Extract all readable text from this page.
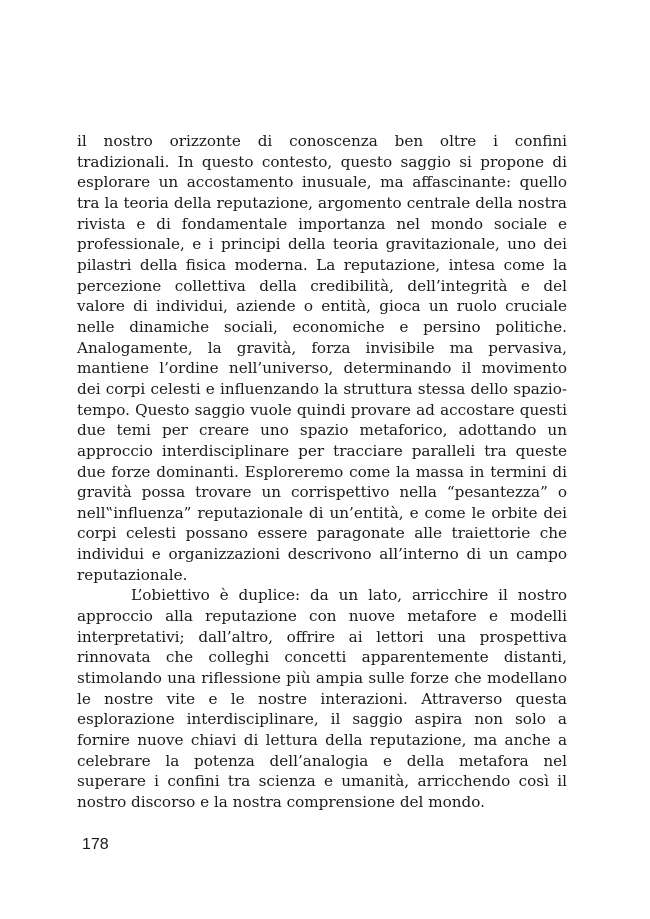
il nostro orizzonte di conoscenza ben oltre i confini tradizionali. In questo contesto, questo saggio si propone di esplorare un accostamento inusuale, ma affascinante: quello tra la teoria della reputazione, argomento centrale della nostra rivista e di fondamentale importanza nel mondo sociale e professionale, e i principi della teoria gravitazionale, uno dei pilastri della fisica moderna. La reputazione, intesa come la percezione collettiva della credibilità, dell’integrità e del valore di individui, aziende o entità, gioca un ruolo cruciale nelle dinamiche sociali, economiche e persino politiche. Analogamente, la gravità, forza invisibile ma pervasiva, mantiene l’ordine nell’universo, determinando il movimento dei corpi celesti e influenzando la struttura stessa dello spazio-tempo. Questo saggio vuole quindi provare ad accostare questi due temi per creare uno spazio metaforico, adottando un approccio interdisciplinare per tracciare paralleli tra queste due forze dominanti. Esploreremo come la massa in termini di gravità possa trovare un corrispettivo nella “pesantezza” o nell‟influenza” reputazionale di un’entità, e come le orbite dei corpi celesti possano essere paragonate alle traiettorie che individui e organizzazioni descrivono all’interno di un campo reputazionale.

L’obiettivo è duplice: da un lato, arricchire il nostro approccio alla reputazione con nuove metafore e modelli interpretativi; dall’altro, offrire ai lettori una prospettiva rinnovata che colleghi concetti apparentemente distanti, stimolando una riflessione più ampia sulle forze che modellano le nostre vite e le nostre interazioni. Attraverso questa esplorazione interdisciplinare, il saggio aspira non solo a fornire nuove chiavi di lettura della reputazione, ma anche a celebrare la potenza dell’analogia e della metafora nel superare i confini tra scienza e umanità, arricchendo così il nostro discorso e la nostra comprensione del mondo.

178
